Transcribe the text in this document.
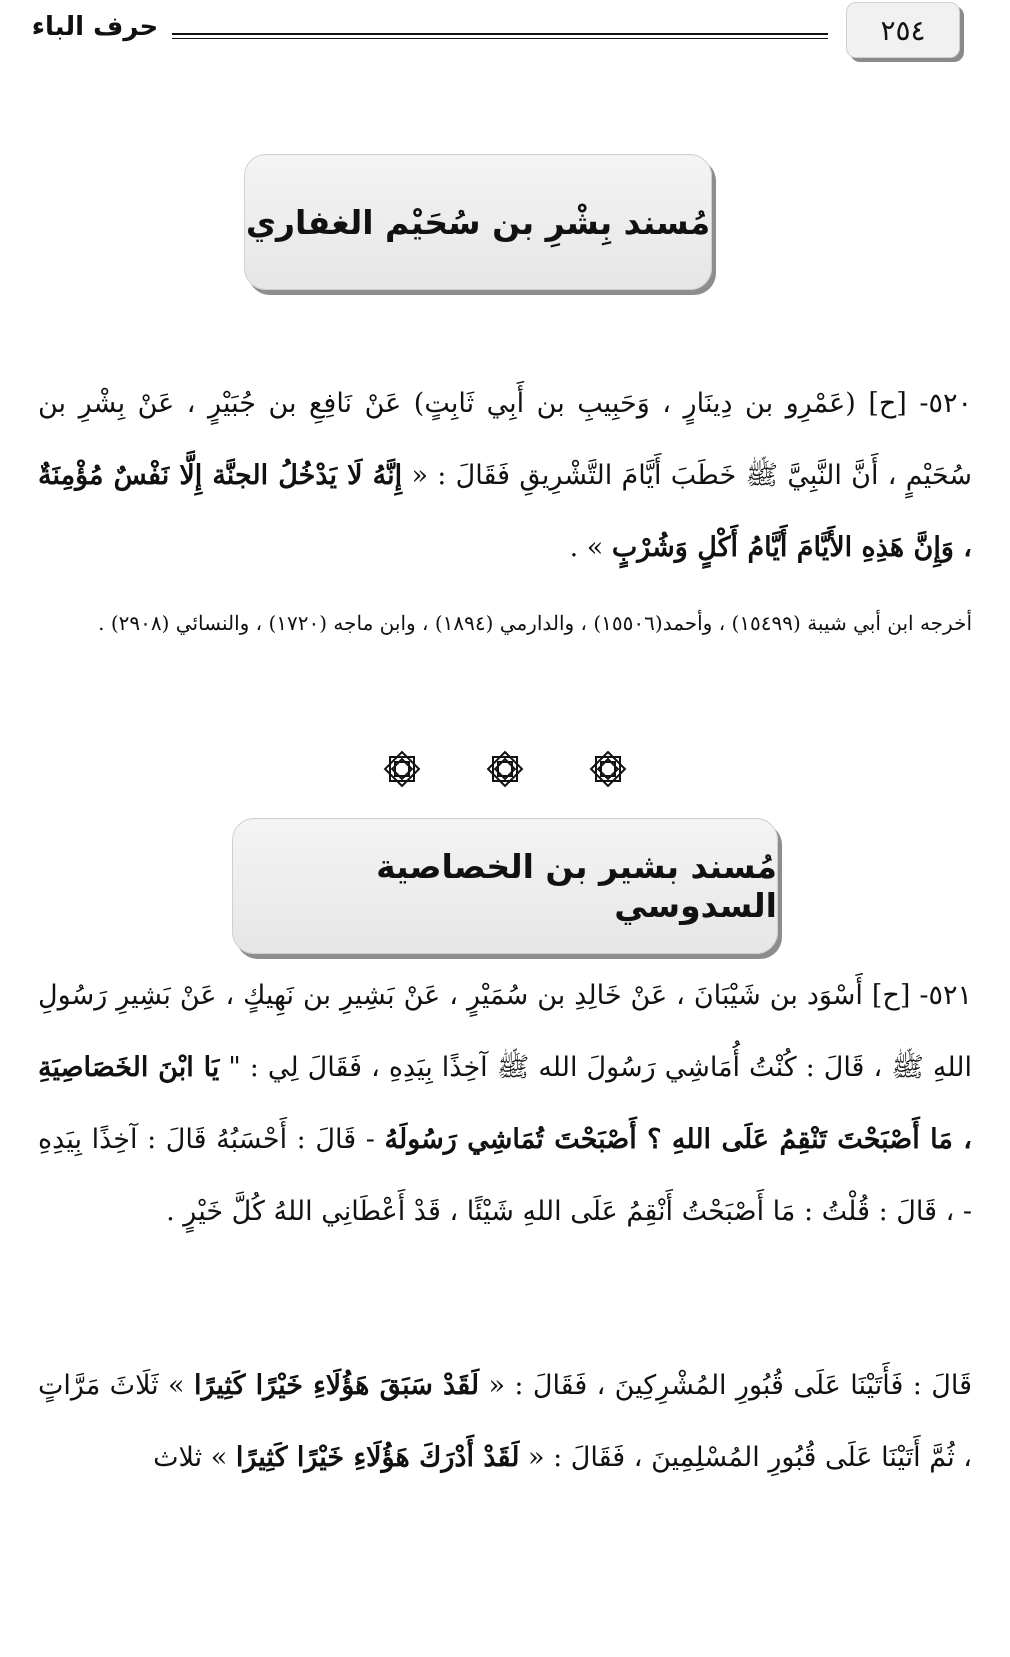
٢٥٤
حرف الباء
مُسند بِشْرِ بن سُحَيْم الغفاري
٥٢٠- [ح] (عَمْرِو بن دِينَارٍ ، وَحَبِيبِ بن أَبِي ثَابِتٍ) عَنْ نَافِعِ بن جُبَيْرٍ ، عَنْ بِشْرِ بن سُحَيْمٍ ، أَنَّ النَّبِيَّ ﷺ خَطَبَ أَيَّامَ التَّشْرِيقِ فَقَالَ : « إِنَّهُ لَا يَدْخُلُ الجنَّة إِلَّا نَفْسٌ مُؤْمِنَةٌ ، وَإِنَّ هَذِهِ الأَيَّامَ أَيَّامُ أَكْلٍ وَشُرْبٍ » .
أخرجه ابن أبي شيبة (١٥٤٩٩) ، وأحمد(١٥٥٠٦) ، والدارمي (١٨٩٤) ، وابن ماجه (١٧٢٠) ، والنسائي (٢٩٠٨) .
مُسند بشير بن الخصاصية السدوسي
٥٢١- [ح] أَسْوَد بن شَيْبَانَ ، عَنْ خَالِدِ بن سُمَيْرٍ ، عَنْ بَشِيرِ بن نَهِيكٍ ، عَنْ بَشِيرِ رَسُولِ اللهِ ﷺ ، قَالَ : كُنْتُ أُمَاشِي رَسُولَ الله ﷺ آخِذًا بِيَدِهِ ، فَقَالَ لِي : " يَا ابْنَ الخَصَاصِيَةِ ، مَا أَصْبَحْتَ تَنْقِمُ عَلَى اللهِ ؟ أَصْبَحْتَ تُمَاشِي رَسُولَهُ - قَالَ : أَحْسَبُهُ قَالَ : آخِذًا بِيَدِهِ - ، قَالَ : قُلْتُ : مَا أَصْبَحْتُ أَنْقِمُ عَلَى اللهِ شَيْئًا ، قَدْ أَعْطَانِي اللهُ كُلَّ خَيْرٍ .
قَالَ : فَأَتَيْنَا عَلَى قُبُورِ المُشْرِكِينَ ، فَقَالَ : « لَقَدْ سَبَقَ هَؤُلَاءِ خَيْرًا كَثِيرًا » ثَلَاثَ مَرَّاتٍ ، ثُمَّ أَتَيْنَا عَلَى قُبُورِ المُسْلِمِينَ ، فَقَالَ : « لَقَدْ أَدْرَكَ هَؤُلَاءِ خَيْرًا كَثِيرًا » ثلاث
